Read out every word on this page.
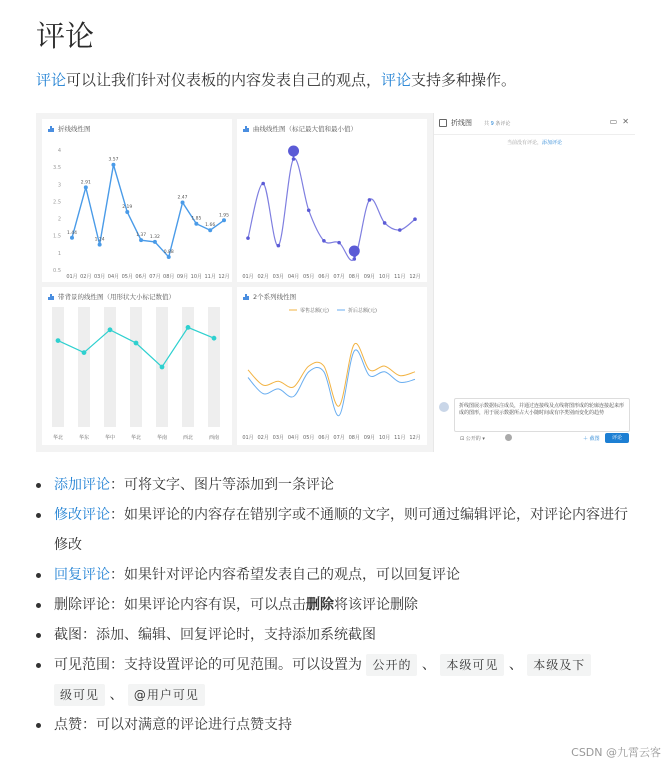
评论

评论可以让我们针对仪表板的内容发表自己的观点，评论支持多种操作。

折线线性图
4
3.5
3
2.5
2
1.5
1
0.5
01月 02月 03月 04月 05月 06月 07月 08月 09月 10月 11月 12月
1.44
2.91
1.24
3.57
2.19
1.37 1.32
0.88
2.47
1.85
1.66
1.95
曲线线性图（标记最大值和最小值）
01月 02月 03月 04月 05月 06月 07月 08月 09月 10月 11月 12月
带背景的线性图（用形状大小标记数值）
华北	华东	华中	华北	华南	西北	西南
2个系列线性图
零售总额(元)	折后总额(元)
01月 02月 03月 04月 05月 06月 07月 08月 09月 10月 11月 12月
折线图 共 9 条评论	▭ ✕
当前没有评论，添加评论
折线图展示数据标注成员，并通过连接线及点线将图形成的轮廓连接起来形成的图形，用于展示数据所占大小随时间或有序类别而变化的趋势
⊡ 公开的 ▾	＋ 截图	评论
添加评论：可将文字、图片等添加到一条评论
修改评论：如果评论的内容存在错别字或不通顺的文字，则可通过编辑评论，对评论内容进行修改
回复评论：如果针对评论内容希望发表自己的观点，可以回复评论
删除评论：如果评论内容有误，可以点击删除将该评论删除
截图：添加、编辑、回复评论时，支持添加系统截图
可见范围：支持设置评论的可见范围。可以设置为 公开的 、 本级可见 、 本级及下
级可见 、 @用户可见
点赞：可以对满意的评论进行点赞支持
CSDN @九霄云客
